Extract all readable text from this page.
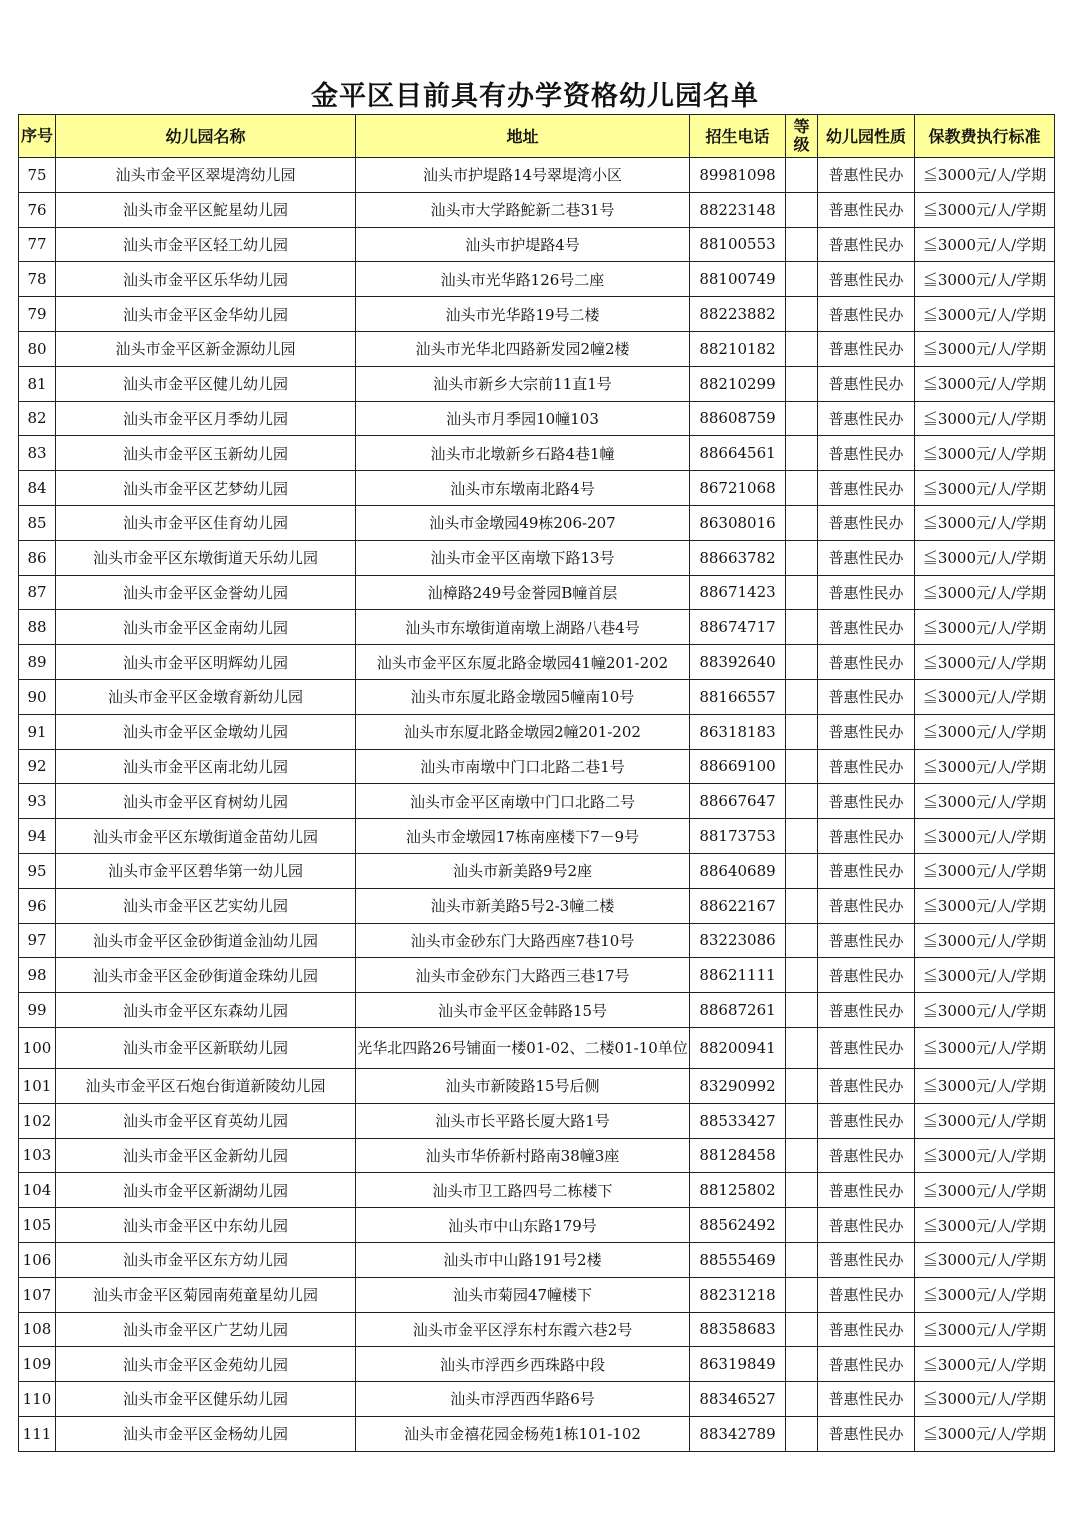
金平区目前具有办学资格幼儿园名单
序号	幼儿园名称	地址	招生电话	等级	幼儿园性质	保教费执行标准
75	汕头市金平区翠堤湾幼儿园	汕头市护堤路14号翠堤湾小区	89981098		普惠性民办	≦3000元/人/学期
76	汕头市金平区鮀星幼儿园	汕头市大学路鮀新二巷31号	88223148		普惠性民办	≦3000元/人/学期
77	汕头市金平区轻工幼儿园	汕头市护堤路4号	88100553		普惠性民办	≦3000元/人/学期
78	汕头市金平区乐华幼儿园	汕头市光华路126号二座	88100749		普惠性民办	≦3000元/人/学期
79	汕头市金平区金华幼儿园	汕头市光华路19号二楼	88223882		普惠性民办	≦3000元/人/学期
80	汕头市金平区新金源幼儿园	汕头市光华北四路新发园2幢2楼	88210182		普惠性民办	≦3000元/人/学期
81	汕头市金平区健儿幼儿园	汕头市新乡大宗前11直1号	88210299		普惠性民办	≦3000元/人/学期
82	汕头市金平区月季幼儿园	汕头市月季园10幢103	88608759		普惠性民办	≦3000元/人/学期
83	汕头市金平区玉新幼儿园	汕头市北墩新乡石路4巷1幢	88664561		普惠性民办	≦3000元/人/学期
84	汕头市金平区艺梦幼儿园	汕头市东墩南北路4号	86721068		普惠性民办	≦3000元/人/学期
85	汕头市金平区佳育幼儿园	汕头市金墩园49栋206-207	86308016		普惠性民办	≦3000元/人/学期
86	汕头市金平区东墩街道天乐幼儿园	汕头市金平区南墩下路13号	88663782		普惠性民办	≦3000元/人/学期
87	汕头市金平区金誉幼儿园	汕樟路249号金誉园B幢首层	88671423		普惠性民办	≦3000元/人/学期
88	汕头市金平区金南幼儿园	汕头市东墩街道南墩上湖路八巷4号	88674717		普惠性民办	≦3000元/人/学期
89	汕头市金平区明辉幼儿园	汕头市金平区东厦北路金墩园41幢201-202	88392640		普惠性民办	≦3000元/人/学期
90	汕头市金平区金墩育新幼儿园	汕头市东厦北路金墩园5幢南10号	88166557		普惠性民办	≦3000元/人/学期
91	汕头市金平区金墩幼儿园	汕头市东厦北路金墩园2幢201-202	86318183		普惠性民办	≦3000元/人/学期
92	汕头市金平区南北幼儿园	汕头市南墩中门口北路二巷1号	88669100		普惠性民办	≦3000元/人/学期
93	汕头市金平区育树幼儿园	汕头市金平区南墩中门口北路二号	88667647		普惠性民办	≦3000元/人/学期
94	汕头市金平区东墩街道金苗幼儿园	汕头市金墩园17栋南座楼下7－9号	88173753		普惠性民办	≦3000元/人/学期
95	汕头市金平区碧华第一幼儿园	汕头市新美路9号2座	88640689		普惠性民办	≦3000元/人/学期
96	汕头市金平区艺实幼儿园	汕头市新美路5号2-3幢二楼	88622167		普惠性民办	≦3000元/人/学期
97	汕头市金平区金砂街道金汕幼儿园	汕头市金砂东门大路西座7巷10号	83223086		普惠性民办	≦3000元/人/学期
98	汕头市金平区金砂街道金珠幼儿园	汕头市金砂东门大路西三巷17号	88621111		普惠性民办	≦3000元/人/学期
99	汕头市金平区东森幼儿园	汕头市金平区金韩路15号	88687261		普惠性民办	≦3000元/人/学期
100	汕头市金平区新联幼儿园	光华北四路26号铺面一楼01-02、二楼01-10单位	88200941		普惠性民办	≦3000元/人/学期
101	汕头市金平区石炮台街道新陵幼儿园	汕头市新陵路15号后侧	83290992		普惠性民办	≦3000元/人/学期
102	汕头市金平区育英幼儿园	汕头市长平路长厦大路1号	88533427		普惠性民办	≦3000元/人/学期
103	汕头市金平区金新幼儿园	汕头市华侨新村路南38幢3座	88128458		普惠性民办	≦3000元/人/学期
104	汕头市金平区新湖幼儿园	汕头市卫工路四号二栋楼下	88125802		普惠性民办	≦3000元/人/学期
105	汕头市金平区中东幼儿园	汕头市中山东路179号	88562492		普惠性民办	≦3000元/人/学期
106	汕头市金平区东方幼儿园	汕头市中山路191号2楼	88555469		普惠性民办	≦3000元/人/学期
107	汕头市金平区菊园南苑童星幼儿园	汕头市菊园47幢楼下	88231218		普惠性民办	≦3000元/人/学期
108	汕头市金平区广艺幼儿园	汕头市金平区浮东村东霞六巷2号	88358683		普惠性民办	≦3000元/人/学期
109	汕头市金平区金苑幼儿园	汕头市浮西乡西珠路中段	86319849		普惠性民办	≦3000元/人/学期
110	汕头市金平区健乐幼儿园	汕头市浮西西华路6号	88346527		普惠性民办	≦3000元/人/学期
111	汕头市金平区金杨幼儿园	汕头市金禧花园金杨苑1栋101-102	88342789		普惠性民办	≦3000元/人/学期
